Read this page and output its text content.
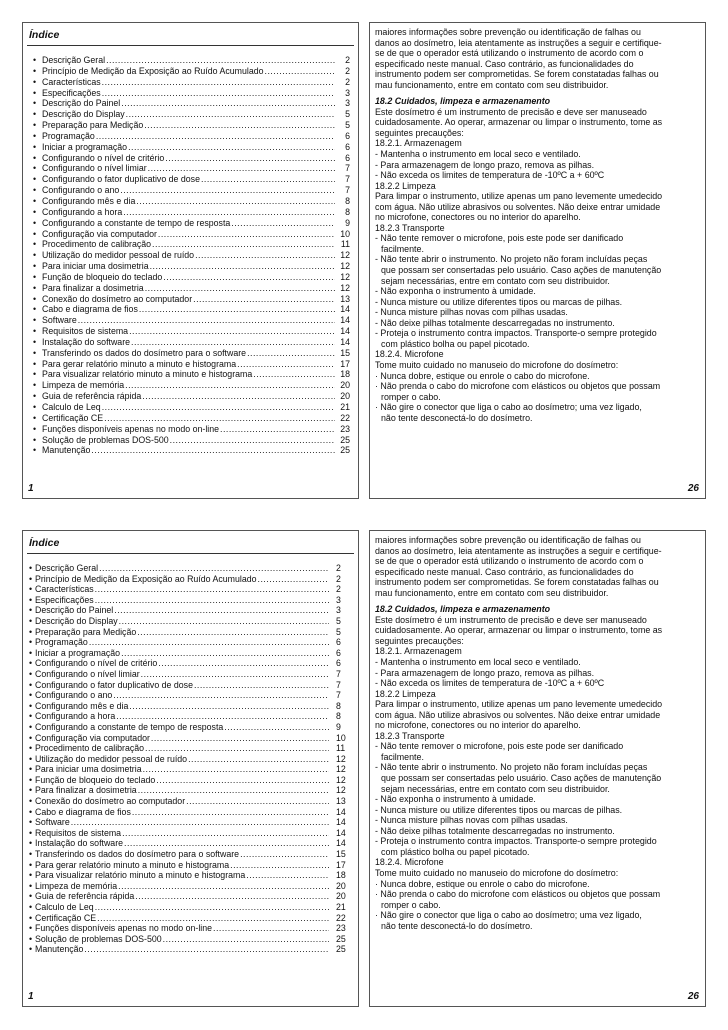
Índice
• Descrição Geral .....	2
• Princípio de Medição da Exposição ao Ruído Acumulado .....	2
• Características .....	2
• Especificações .....	3
• Descrição do Painel .....	3
• Descrição do Display .....	5
• Preparação para Medição .....	5
• Programação .....	6
• Iniciar a programação .....	6
• Configurando o nível de critério .....	6
• Configurando o nível limiar .....	7
• Configurando o fator duplicativo de dose .....	7
• Configurando o ano .....	7
• Configurando mês e dia .....	8
• Configurando a hora .....	8
• Configurando a constante de tempo de resposta .....	9
• Configuração via computador .....	10
• Procedimento de calibração .....	11
• Utilização do medidor pessoal de ruído .....	12
• Para iniciar uma dosimetria .....	12
• Função de bloqueio do teclado .....	12
• Para finalizar a dosimetria .....	12
• Conexão do dosímetro ao computador .....	13
• Cabo e diagrama de fios .....	14
• Software .....	14
• Requisitos de sistema .....	14
• Instalação do software .....	14
• Transferindo os dados do dosímetro para o software .....	15
• Para gerar relatório minuto a minuto e histograma .....	17
• Para visualizar relatório minuto a minuto e histograma .....	18
• Limpeza de memória .....	20
• Guia de referência rápida .....	20
• Calculo de Leq .....	21
• Certificação CE .....	22
• Funções disponíveis apenas no modo on-line .....	23
• Solução de problemas DOS-500 .....	25
• Manutenção .....	25
1
maiores informações sobre prevenção ou identificação de falhas ou
danos ao dosímetro, leia atentamente as instruções a seguir e certifique-
se de que o operador está utilizando o instrumento de acordo com o
especificado neste manual. Caso contrário, as funcionalidades do
instrumento podem ser comprometidas. Se forem constatadas falhas ou
mau funcionamento, entre em contato com seu distribuidor.
18.2 Cuidados, limpeza e armazenamento
Este dosímetro é um instrumento de precisão e deve ser manuseado
cuidadosamente. Ao operar, armazenar ou limpar o instrumento, tome as
seguintes precauções:
18.2.1. Armazenagem
- Mantenha o instrumento em local seco e ventilado.
- Para armazenagem de longo prazo, remova as pilhas.
- Não exceda os limites de temperatura de -10ºC a + 60ºC
18.2.2 Limpeza
Para limpar o instrumento, utilize apenas um pano levemente umedecido
com água. Não utilize abrasivos ou solventes. Não deixe entrar umidade
no microfone, conectores ou no interior do aparelho.
18.2.3 Transporte
- Não tente remover o microfone, pois este pode ser danificado
facilmente.
- Não tente abrir o instrumento. No projeto não foram incluídas peças
que possam ser consertadas pelo usuário. Caso ações de manutenção
sejam necessárias, entre em contato com seu distribuidor.
- Não exponha o instrumento à umidade.
- Nunca misture ou utilize diferentes tipos ou marcas de pilhas.
- Nunca misture pilhas novas com pilhas usadas.
- Não deixe pilhas totalmente descarregadas no instrumento.
- Proteja o instrumento contra impactos. Transporte-o sempre protegido
com plástico bolha ou papel picotado.
18.2.4. Microfone
Tome muito cuidado no manuseio do microfone do dosímetro:
· Nunca dobre, estique ou enrole o cabo do microfone.
· Não prenda o cabo do microfone com elásticos ou objetos que possam
romper o cabo.
· Não gire o conector que liga o cabo ao dosímetro; uma vez ligado,
não tente desconectá-lo do dosímetro.
26
Índice
• Descrição Geral .....	2
• Princípio de Medição da Exposição ao Ruído Acumulado .....	2
• Características .....	2
• Especificações .....	3
• Descrição do Painel .....	3
• Descrição do Display .....	5
• Preparação para Medição .....	5
• Programação .....	6
• Iniciar a programação .....	6
• Configurando o nível de critério .....	6
• Configurando o nível limiar .....	7
• Configurando o fator duplicativo de dose .....	7
• Configurando o ano .....	7
• Configurando mês e dia .....	8
• Configurando a hora .....	8
• Configurando a constante de tempo de resposta .....	9
• Configuração via computador .....	10
• Procedimento de calibração .....	11
• Utilização do medidor pessoal de ruído .....	12
• Para iniciar uma dosimetria .....	12
• Função de bloqueio do teclado .....	12
• Para finalizar a dosimetria .....	12
• Conexão do dosímetro ao computador .....	13
• Cabo e diagrama de fios .....	14
• Software .....	14
• Requisitos de sistema .....	14
• Instalação do software .....	14
• Transferindo os dados do dosímetro para o software .....	15
• Para gerar relatório minuto a minuto e histograma .....	17
• Para visualizar relatório minuto a minuto e histograma .....	18
• Limpeza de memória .....	20
• Guia de referência rápida .....	20
• Calculo de Leq .....	21
• Certificação CE .....	22
• Funções disponíveis apenas no modo on-line .....	23
• Solução de problemas DOS-500 .....	25
• Manutenção .....	25
1
maiores informações sobre prevenção ou identificação de falhas ou
danos ao dosímetro, leia atentamente as instruções a seguir e certifique-
se de que o operador está utilizando o instrumento de acordo com o
especificado neste manual. Caso contrário, as funcionalidades do
instrumento podem ser comprometidas. Se forem constatadas falhas ou
mau funcionamento, entre em contato com seu distribuidor.
18.2 Cuidados, limpeza e armazenamento
Este dosímetro é um instrumento de precisão e deve ser manuseado
cuidadosamente. Ao operar, armazenar ou limpar o instrumento, tome as
seguintes precauções:
18.2.1. Armazenagem
- Mantenha o instrumento em local seco e ventilado.
- Para armazenagem de longo prazo, remova as pilhas.
- Não exceda os limites de temperatura de -10ºC a + 60ºC
18.2.2 Limpeza
Para limpar o instrumento, utilize apenas um pano levemente umedecido
com água. Não utilize abrasivos ou solventes. Não deixe entrar umidade
no microfone, conectores ou no interior do aparelho.
18.2.3 Transporte
- Não tente remover o microfone, pois este pode ser danificado
facilmente.
- Não tente abrir o instrumento. No projeto não foram incluídas peças
que possam ser consertadas pelo usuário. Caso ações de manutenção
sejam necessárias, entre em contato com seu distribuidor.
- Não exponha o instrumento à umidade.
- Nunca misture ou utilize diferentes tipos ou marcas de pilhas.
- Nunca misture pilhas novas com pilhas usadas.
- Não deixe pilhas totalmente descarregadas no instrumento.
- Proteja o instrumento contra impactos. Transporte-o sempre protegido
com plástico bolha ou papel picotado.
18.2.4. Microfone
Tome muito cuidado no manuseio do microfone do dosímetro:
· Nunca dobre, estique ou enrole o cabo do microfone.
· Não prenda o cabo do microfone com elásticos ou objetos que possam
romper o cabo.
· Não gire o conector que liga o cabo ao dosímetro; uma vez ligado,
não tente desconectá-lo do dosímetro.
26
